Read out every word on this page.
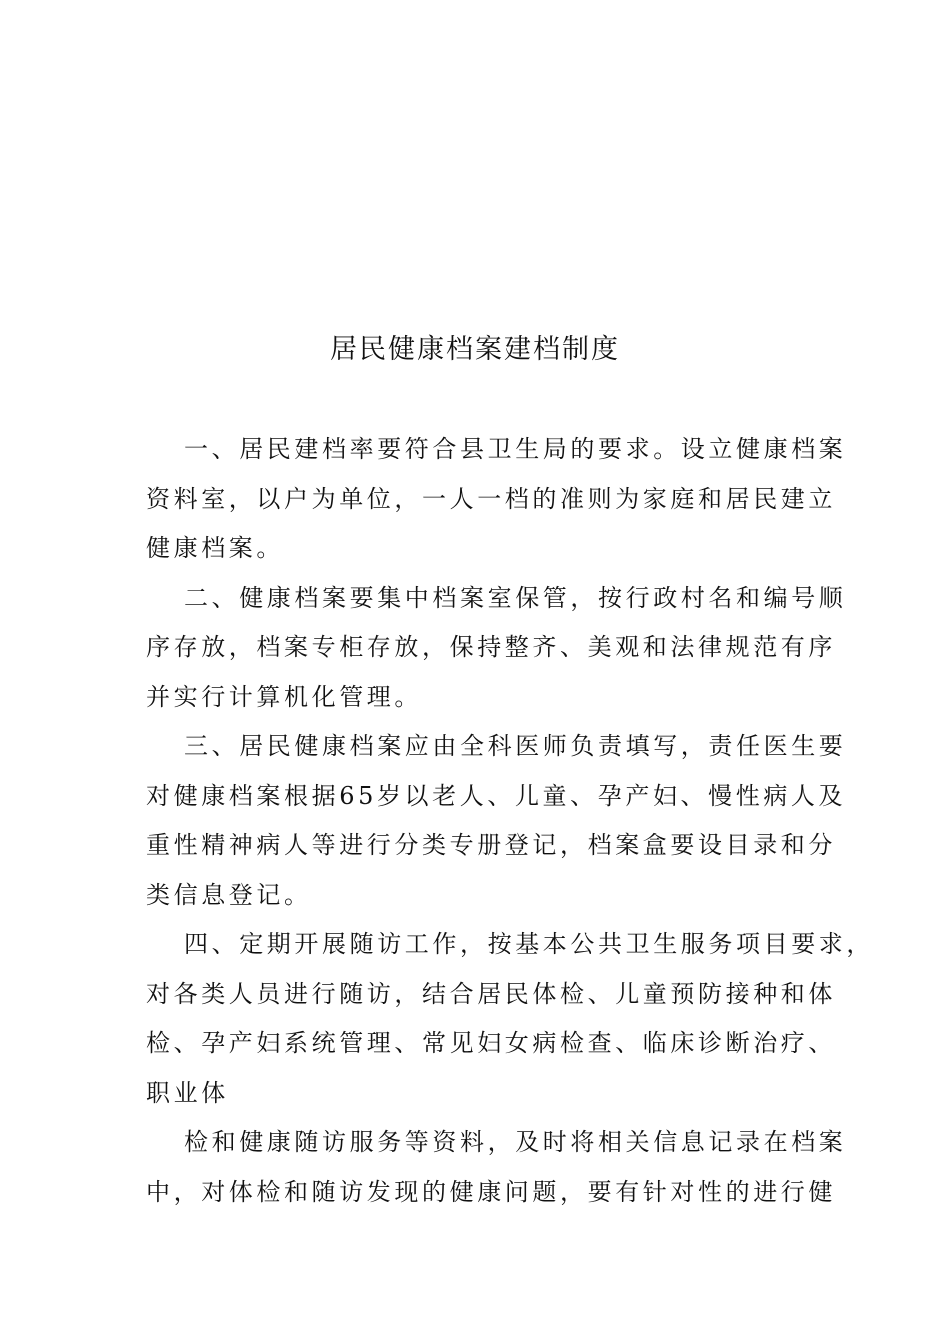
居民健康档案建档制度

一、居民建档率要符合县卫生局的要求。设立健康档案
资料室，以户为单位，一人一档的准则为家庭和居民建立
健康档案。

二、健康档案要集中档案室保管，按行政村名和编号顺
序存放，档案专柜存放，保持整齐、美观和法律规范有序
并实行计算机化管理。

三、居民健康档案应由全科医师负责填写，责任医生要
对健康档案根据65岁以老人、儿童、孕产妇、慢性病人及
重性精神病人等进行分类专册登记，档案盒要设目录和分
类信息登记。

四、定期开展随访工作，按基本公共卫生服务项目要求，
对各类人员进行随访，结合居民体检、儿童预防接种和体
检、孕产妇系统管理、常见妇女病检查、临床诊断治疗、
职业体

检和健康随访服务等资料，及时将相关信息记录在档案
中，对体检和随访发现的健康问题，要有针对性的进行健
